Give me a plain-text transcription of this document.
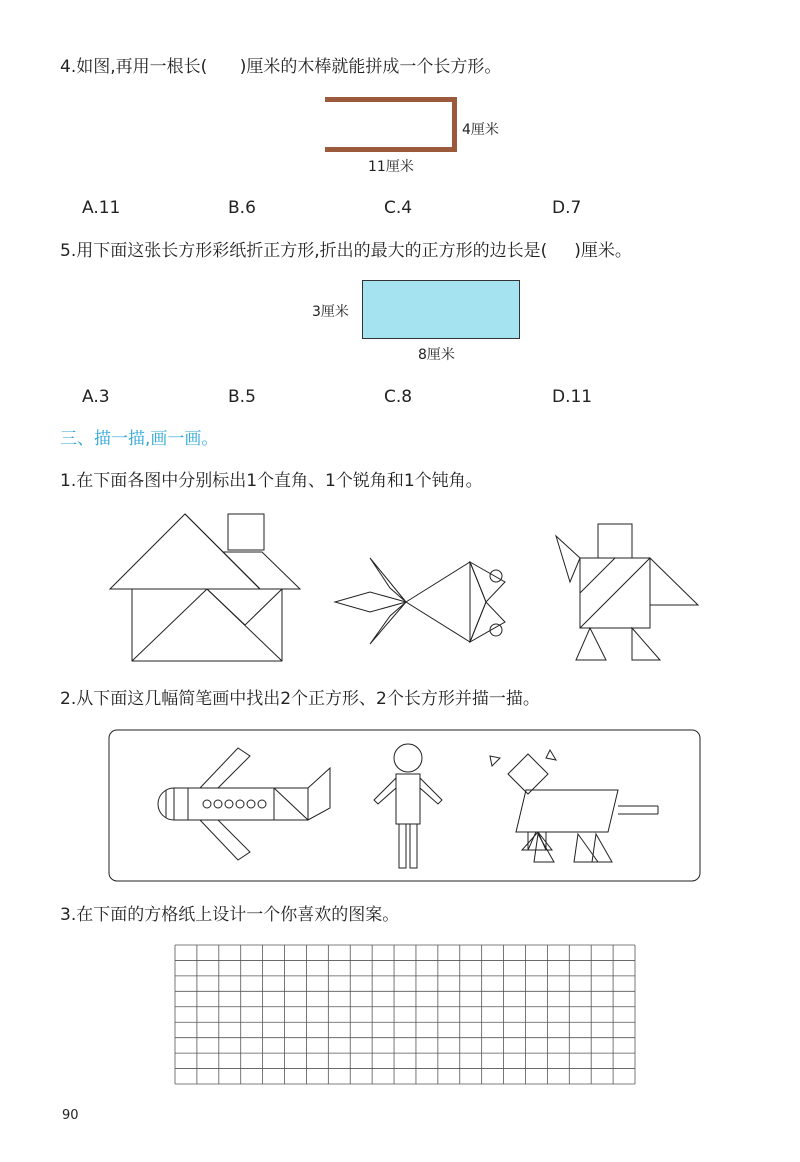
4.如图,再用一根长( )厘米的木棒就能拼成一个长方形。
4厘米
11厘米
A.11	B.6	C.4	D.7
5.用下面这张长方形彩纸折正方形,折出的最大的正方形的边长是( )厘米。
3厘米
8厘米
A.3	B.5	C.8	D.11
三、描一描,画一画。
1.在下面各图中分别标出1个直角、1个锐角和1个钝角。
2.从下面这几幅简笔画中找出2个正方形、2个长方形并描一描。
3.在下面的方格纸上设计一个你喜欢的图案。
90
